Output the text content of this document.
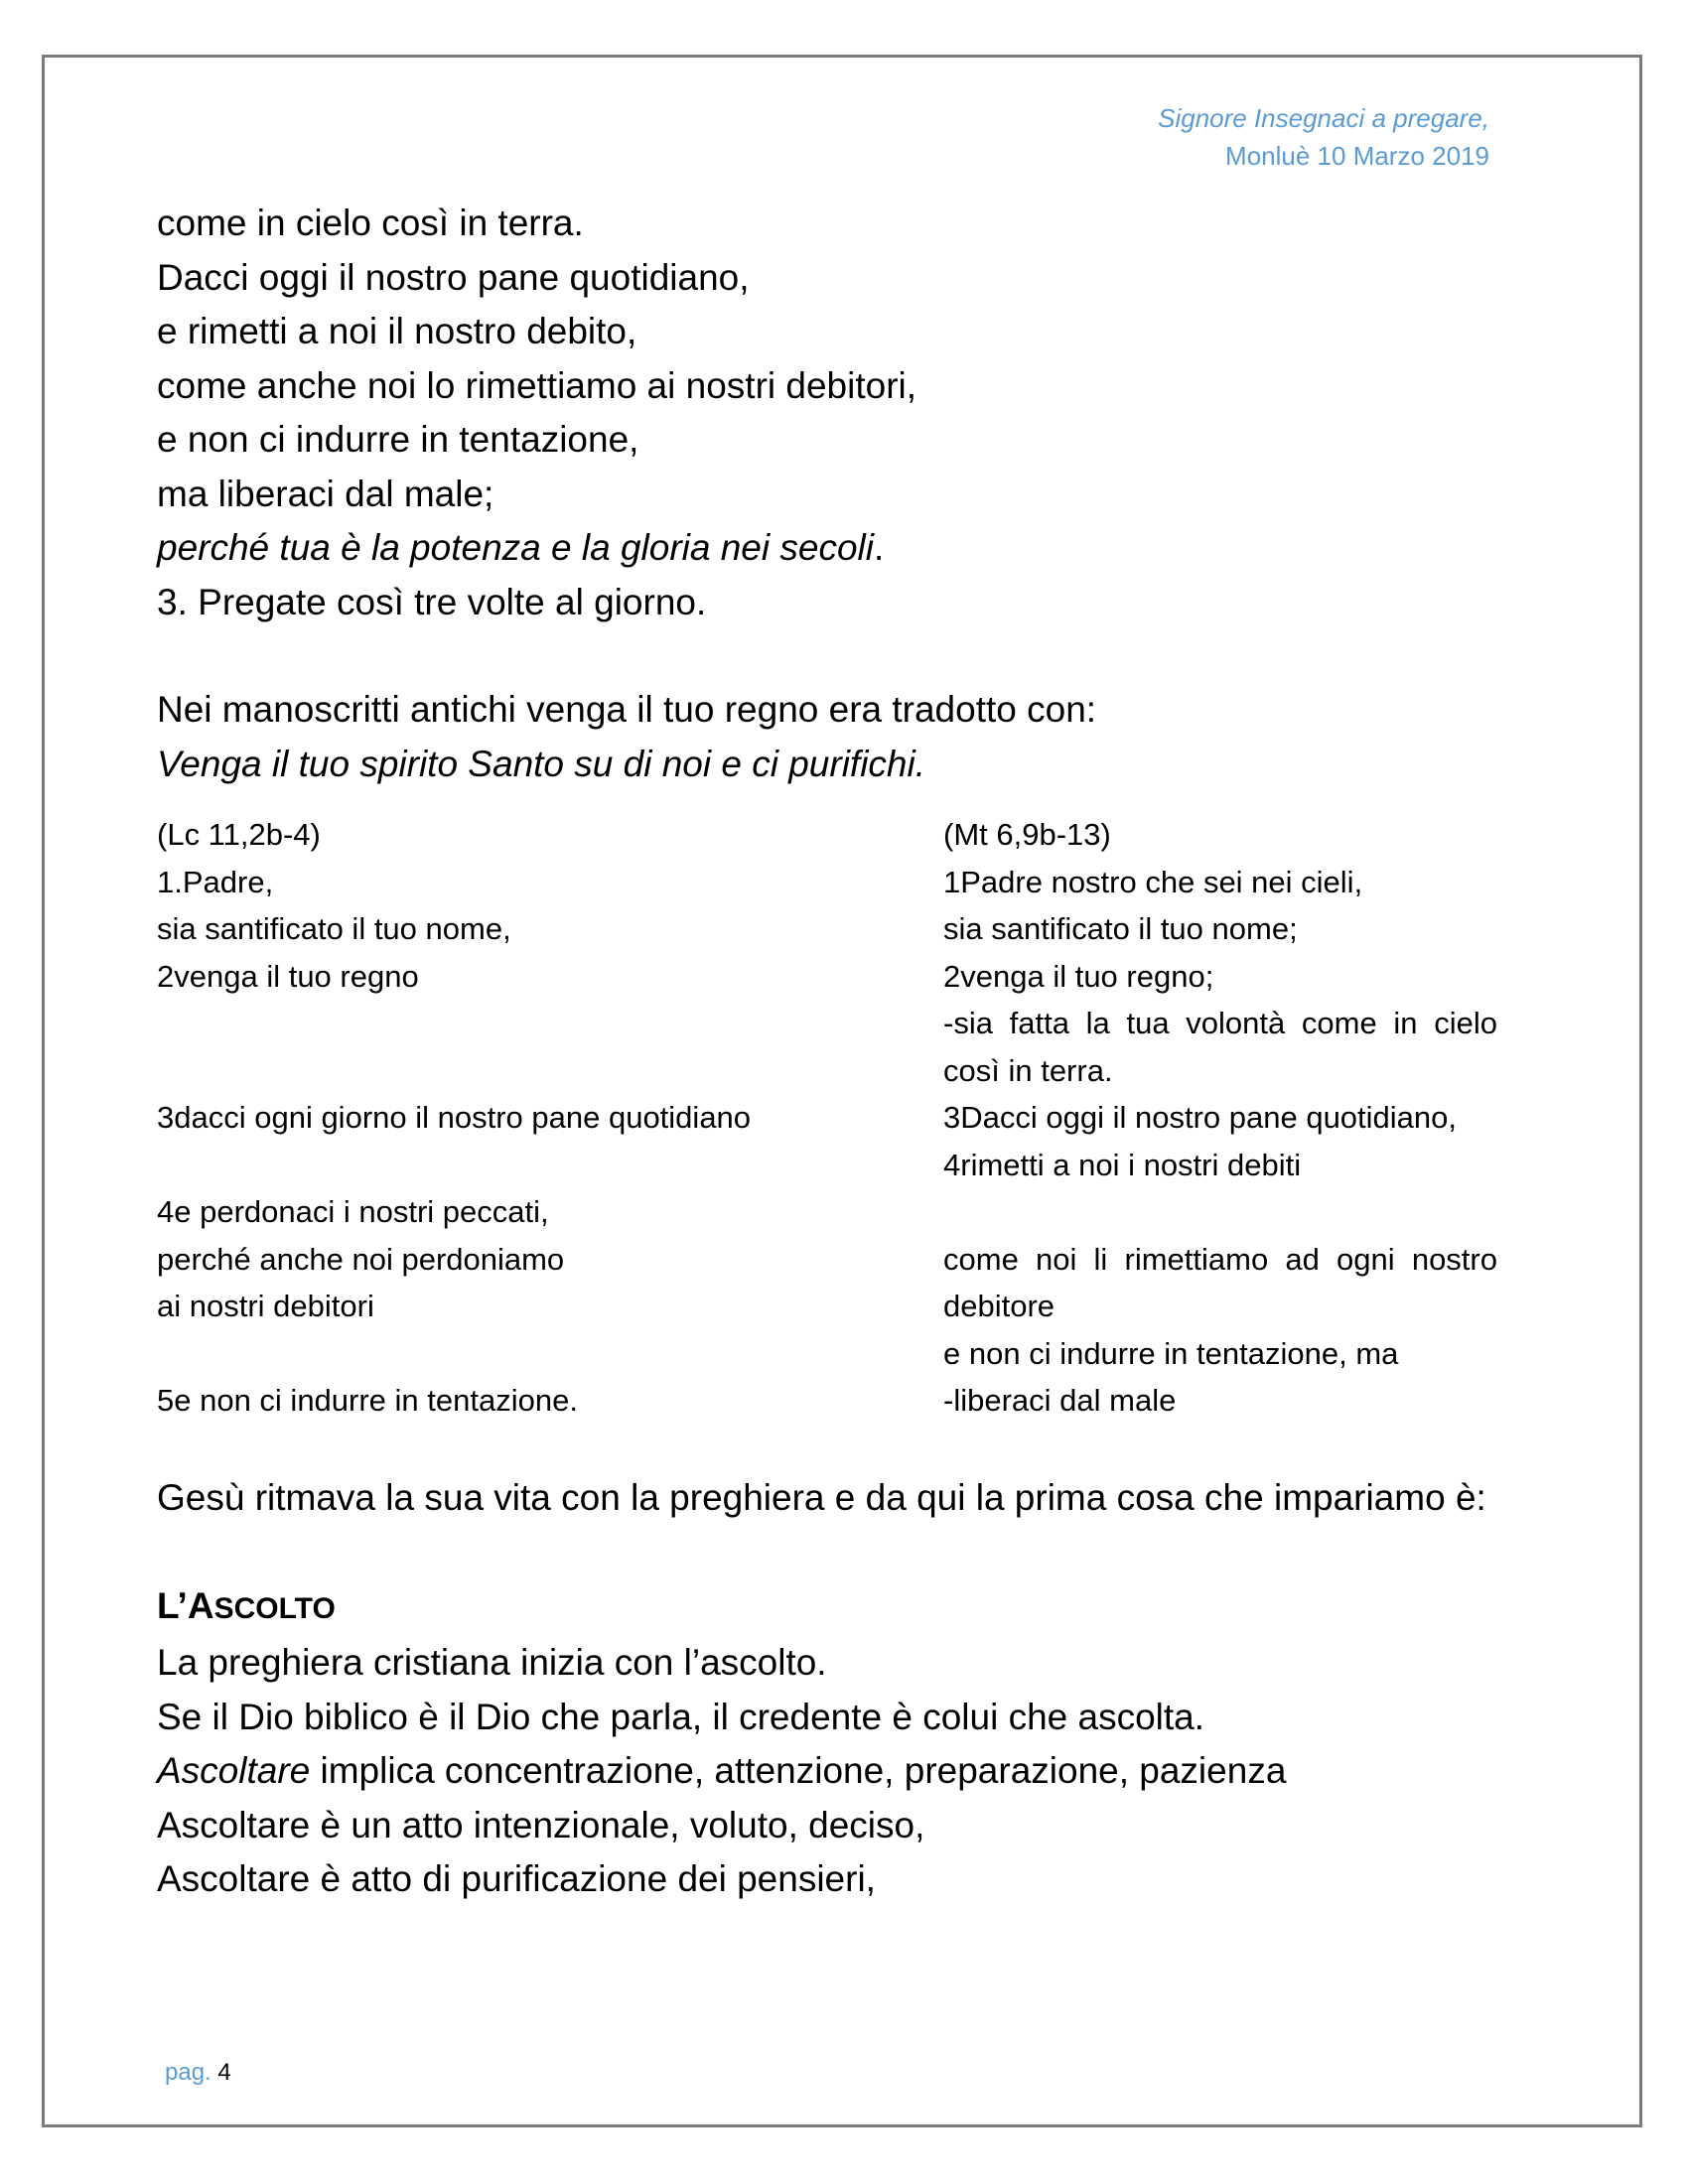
Signore Insegnaci a pregare,
Monluè 10 Marzo 2019
come in cielo così in terra.
Dacci oggi il nostro pane quotidiano,
e rimetti a noi il nostro debito,
come anche noi lo rimettiamo ai nostri debitori,
e non ci indurre in tentazione,
ma liberaci dal male;
perché tua è la potenza e la gloria nei secoli.
3. Pregate così tre volte al giorno.
Nei manoscritti antichi venga il tuo regno era tradotto con:
Venga il tuo spirito Santo su di noi e ci purifichi.
(Lc 11,2b-4)
1.Padre,
sia santificato il tuo nome,
2venga il tuo regno
3dacci ogni giorno il nostro pane quotidiano
4e perdonaci i nostri peccati,
perché anche noi perdoniamo
ai nostri debitori
5e non ci indurre in tentazione.
(Mt 6,9b-13)
1Padre nostro che sei nei cieli,
sia santificato il tuo nome;
2venga il tuo regno;
-sia fatta la tua volontà come in cielo così in terra.
3Dacci oggi il nostro pane quotidiano,
4rimetti a noi i nostri debiti
come noi li rimettiamo ad ogni nostro debitore
e non ci indurre in tentazione, ma
-liberaci dal male
Gesù ritmava la sua vita con la preghiera e da qui la prima cosa che impariamo è:
L’ASCOLTO
La preghiera cristiana inizia con l’ascolto.
Se il Dio biblico è il Dio che parla, il credente è colui che ascolta.
Ascoltare implica concentrazione, attenzione, preparazione, pazienza
Ascoltare è un atto intenzionale, voluto, deciso,
Ascoltare è atto di purificazione dei pensieri,
pag. 4
